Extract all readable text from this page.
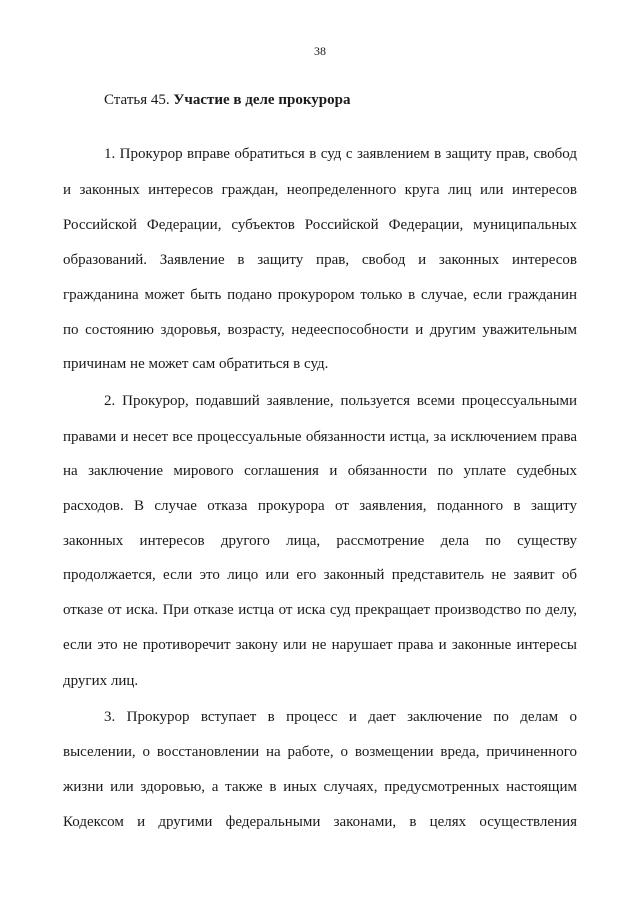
38
Статья 45. Участие в деле прокурора
1. Прокурор вправе обратиться в суд с заявлением в защиту прав, свобод
и законных интересов граждан, неопределенного круга лиц или интересов
Российской Федерации, субъектов Российской Федерации, муниципальных
образований. Заявление в защиту прав, свобод и законных интересов
гражданина может быть подано прокурором только в случае, если гражданин
по состоянию здоровья, возрасту, недееспособности и другим уважительным
причинам не может сам обратиться в суд.
2. Прокурор, подавший заявление, пользуется всеми процессуальными
правами и несет все процессуальные обязанности истца, за исключением права
на заключение мирового соглашения и обязанности по уплате судебных
расходов. В случае отказа прокурора от заявления, поданного в защиту
законных интересов другого лица, рассмотрение дела по существу
продолжается, если это лицо или его законный представитель не заявит об
отказе от иска. При отказе истца от иска суд прекращает производство по делу,
если это не противоречит закону или не нарушает права и законные интересы
других лиц.
3. Прокурор вступает в процесс и дает заключение по делам о
выселении, о восстановлении на работе, о возмещении вреда, причиненного
жизни или здоровью, а также в иных случаях, предусмотренных настоящим
Кодексом и другими федеральными законами, в целях осуществления
